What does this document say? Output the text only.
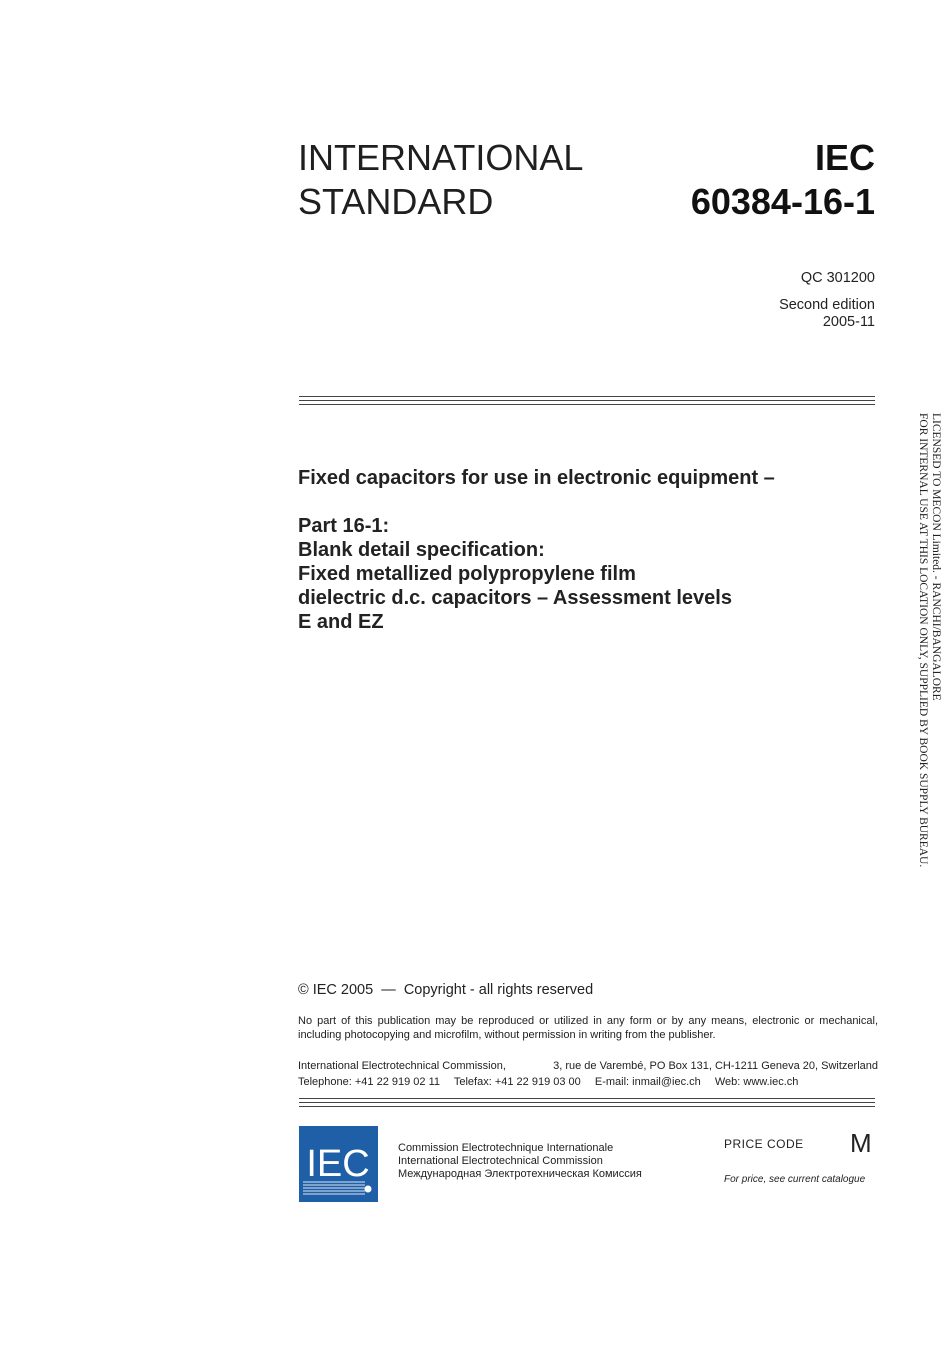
INTERNATIONAL
STANDARD
IEC
60384-16-1
QC 301200
Second edition
2005-11
Fixed capacitors for use in electronic equipment –
Part 16-1:
Blank detail specification:
Fixed metallized polypropylene film
dielectric d.c. capacitors – Assessment levels
E and EZ	LICENSED TO MECON Limited. - RANCHI/BANGALORE
FOR INTERNAL USE AT THIS LOCATION ONLY, SUPPLIED BY BOOK SUPPLY BUREAU.
© IEC 2005 — Copyright - all rights reserved
No part of this publication may be reproduced or utilized in any form or by any means, electronic or mechanical, including photocopying and microfilm, without permission in writing from the publisher.
International Electrotechnical Commission,	3, rue de Varembé, PO Box 131, CH-1211 Geneva 20, Switzerland
Telephone: +41 22 919 02 11 Telefax: +41 22 919 03 00 E-mail: inmail@iec.ch Web: www.iec.ch
IEC	Commission Electrotechnique Internationale
International Electrotechnical Commission
Международная Электротехническая Комиссия
PRICE CODE M
For price, see current catalogue
